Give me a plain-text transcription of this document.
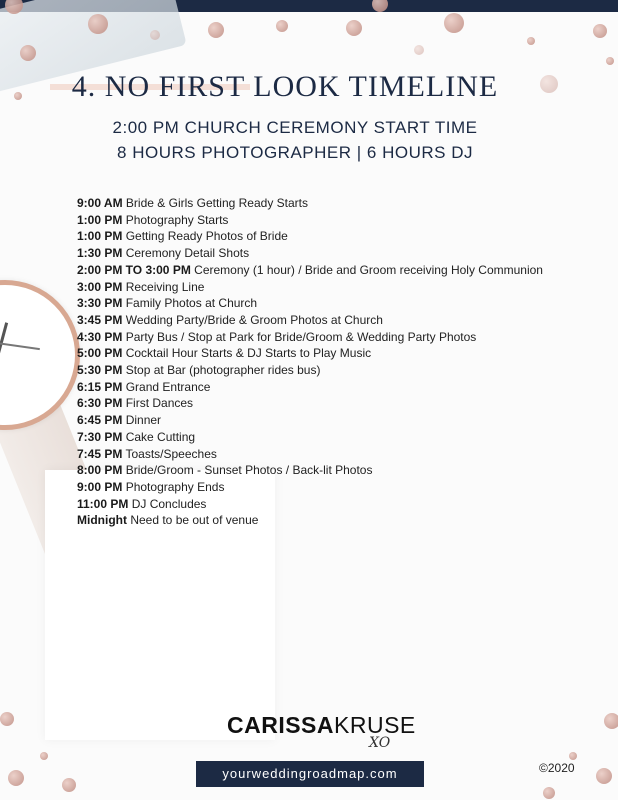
4. NO FIRST LOOK TIMELINE

2:00 PM CHURCH CEREMONY START TIME

8 HOURS PHOTOGRAPHER | 6 HOURS DJ

9:00 AM Bride & Girls Getting Ready Starts
1:00 PM Photography Starts
1:00 PM Getting Ready Photos of Bride
1:30 PM Ceremony Detail Shots
2:00 PM TO 3:00 PM Ceremony (1 hour) / Bride and Groom receiving Holy Communion
3:00 PM Receiving Line
3:30 PM Family Photos at Church
3:45 PM Wedding Party/Bride & Groom Photos at Church
4:30 PM Party Bus / Stop at Park for Bride/Groom & Wedding Party Photos
5:00 PM Cocktail Hour Starts & DJ Starts to Play Music
5:30 PM Stop at Bar (photographer rides bus)
6:15 PM Grand Entrance
6:30 PM First Dances
6:45 PM Dinner
7:30 PM Cake Cutting
7:45 PM Toasts/Speeches
8:00 PM Bride/Groom - Sunset Photos / Back-lit Photos
9:00 PM Photography Ends
11:00 PM DJ Concludes
Midnight Need to be out of venue
CARISSAKRUSE
XO
yourweddingroadmap.com	©2020
